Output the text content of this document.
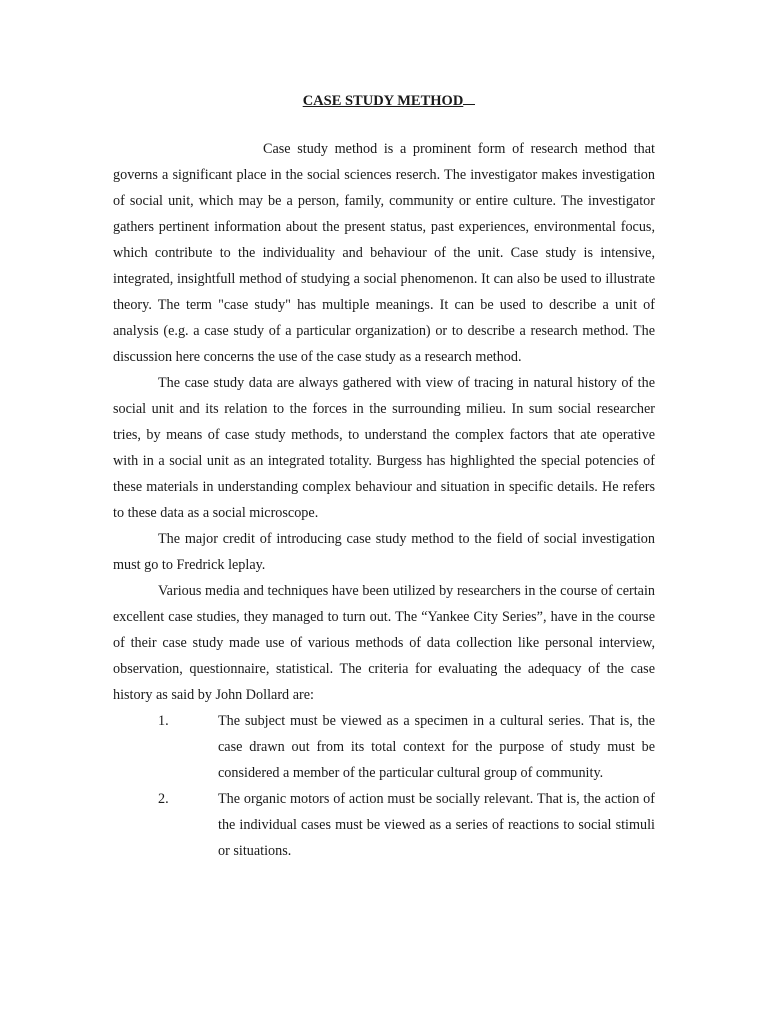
CASE STUDY METHOD

Case study method is a prominent form of research method that governs a significant place in the social sciences reserch. The investigator makes investigation of social unit, which may be a person, family, community or entire culture. The investigator gathers pertinent information about the present status, past experiences, environmental focus, which contribute to the individuality and behaviour of the unit. Case study is intensive, integrated, insightfull method of studying a social phenomenon. It can also be used to illustrate theory. The term "case study" has multiple meanings. It can be used to describe a unit of analysis (e.g. a case study of a particular organization) or to describe a research method. The discussion here concerns the use of the case study as a research method.

The case study data are always gathered with view of tracing in natural history of the social unit and its relation to the forces in the surrounding milieu. In sum social researcher tries, by means of case study methods, to understand the complex factors that ate operative with in a social unit as an integrated totality. Burgess has highlighted the special potencies of these materials in understanding complex behaviour and situation in specific details. He refers to these data as a social microscope.

The major credit of introducing case study method to the field of social investigation must go to Fredrick leplay.

Various media and techniques have been utilized by researchers in the course of certain excellent case studies, they managed to turn out. The “Yankee City Series”, have in the course of their case study made use of various methods of data collection like personal interview, observation, questionnaire, statistical. The criteria for evaluating the adequacy of the case history as said by John Dollard are:

1.	The subject must be viewed as a specimen in a cultural series. That is, the case drawn out from its total context for the purpose of study must be considered a member of the particular cultural group of community.
2.	The organic motors of action must be socially relevant. That is, the action of the individual cases must be viewed as a series of reactions to social stimuli or situations.
